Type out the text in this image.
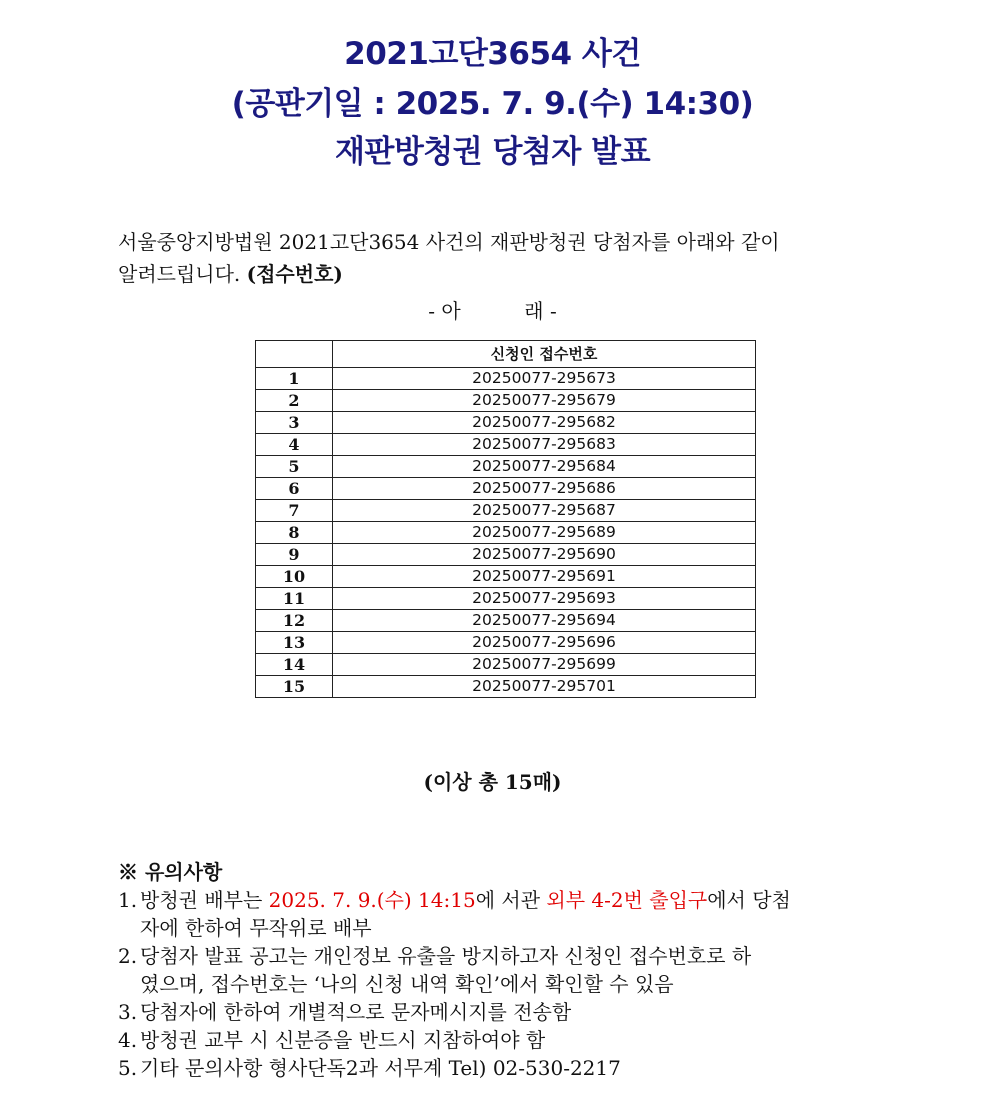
2021고단3654 사건
(공판기일 : 2025. 7. 9.(수) 14:30)
재판방청권 당첨자 발표
서울중앙지방법원 2021고단3654 사건의 재판방청권 당첨자를 아래와 같이
알려드립니다. (접수번호)
- 아          래 -
	신청인 접수번호
1	20250077-295673
2	20250077-295679
3	20250077-295682
4	20250077-295683
5	20250077-295684
6	20250077-295686
7	20250077-295687
8	20250077-295689
9	20250077-295690
10	20250077-295691
11	20250077-295693
12	20250077-295694
13	20250077-295696
14	20250077-295699
15	20250077-295701
(이상 총 15매)
※ 유의사항
1. 방청권 배부는 2025. 7. 9.(수) 14:15에 서관 외부 4-2번 출입구에서 당첨
자에 한하여 무작위로 배부
2. 당첨자 발표 공고는 개인정보 유출을 방지하고자 신청인 접수번호로 하
였으며, 접수번호는 ‘나의 신청 내역 확인’에서 확인할 수 있음
3. 당첨자에 한하여 개별적으로 문자메시지를 전송함
4. 방청권 교부 시 신분증을 반드시 지참하여야 함
5. 기타 문의사항 형사단독2과 서무계 Tel) 02-530-2217
